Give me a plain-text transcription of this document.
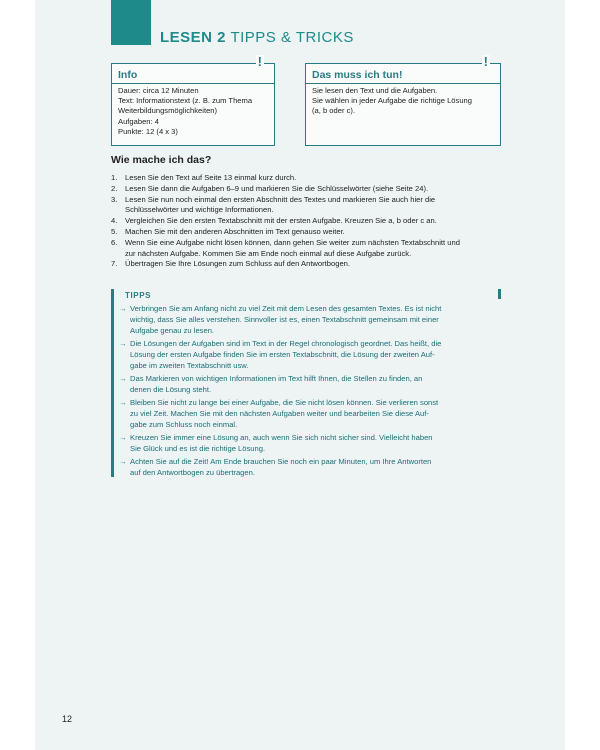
LESEN 2 TIPPS & TRICKS
!
Info
Dauer: circa 12 Minuten
Text: Informationstext (z. B. zum Thema
Weiterbildungsmöglichkeiten)
Aufgaben: 4
Punkte: 12 (4 x 3)
!
Das muss ich tun!
Sie lesen den Text und die Aufgaben.
Sie wählen in jeder Aufgabe die richtige Lösung
(a, b oder c).
Wie mache ich das?
1. Lesen Sie den Text auf Seite 13 einmal kurz durch.
2. Lesen Sie dann die Aufgaben 6–9 und markieren Sie die Schlüsselwörter (siehe Seite 24).
3. Lesen Sie nun noch einmal den ersten Abschnitt des Textes und markieren Sie auch hier die
Schlüsselwörter und wichtige Informationen.
4. Vergleichen Sie den ersten Textabschnitt mit der ersten Aufgabe. Kreuzen Sie a, b oder c an.
5. Machen Sie mit den anderen Abschnitten im Text genauso weiter.
6. Wenn Sie eine Aufgabe nicht lösen können, dann gehen Sie weiter zum nächsten Textabschnitt und
zur nächsten Aufgabe. Kommen Sie am Ende noch einmal auf diese Aufgabe zurück.
7. Übertragen Sie Ihre Lösungen zum Schluss auf den Antwortbogen.
TIPPS
→ Verbringen Sie am Anfang nicht zu viel Zeit mit dem Lesen des gesamten Textes. Es ist nicht
wichtig, dass Sie alles verstehen. Sinnvoller ist es, einen Textabschnitt gemeinsam mit einer
Aufgabe genau zu lesen.
→ Die Lösungen der Aufgaben sind im Text in der Regel chronologisch geordnet. Das heißt, die
Lösung der ersten Aufgabe finden Sie im ersten Textabschnitt, die Lösung der zweiten Auf-
gabe im zweiten Textabschnitt usw.
→ Das Markieren von wichtigen Informationen im Text hilft Ihnen, die Stellen zu finden, an
denen die Lösung steht.
→ Bleiben Sie nicht zu lange bei einer Aufgabe, die Sie nicht lösen können. Sie verlieren sonst
zu viel Zeit. Machen Sie mit den nächsten Aufgaben weiter und bearbeiten Sie diese Auf-
gabe zum Schluss noch einmal.
→ Kreuzen Sie immer eine Lösung an, auch wenn Sie sich nicht sicher sind. Vielleicht haben
Sie Glück und es ist die richtige Lösung.
→ Achten Sie auf die Zeit! Am Ende brauchen Sie noch ein paar Minuten, um Ihre Antworten
auf den Antwortbogen zu übertragen.
12
